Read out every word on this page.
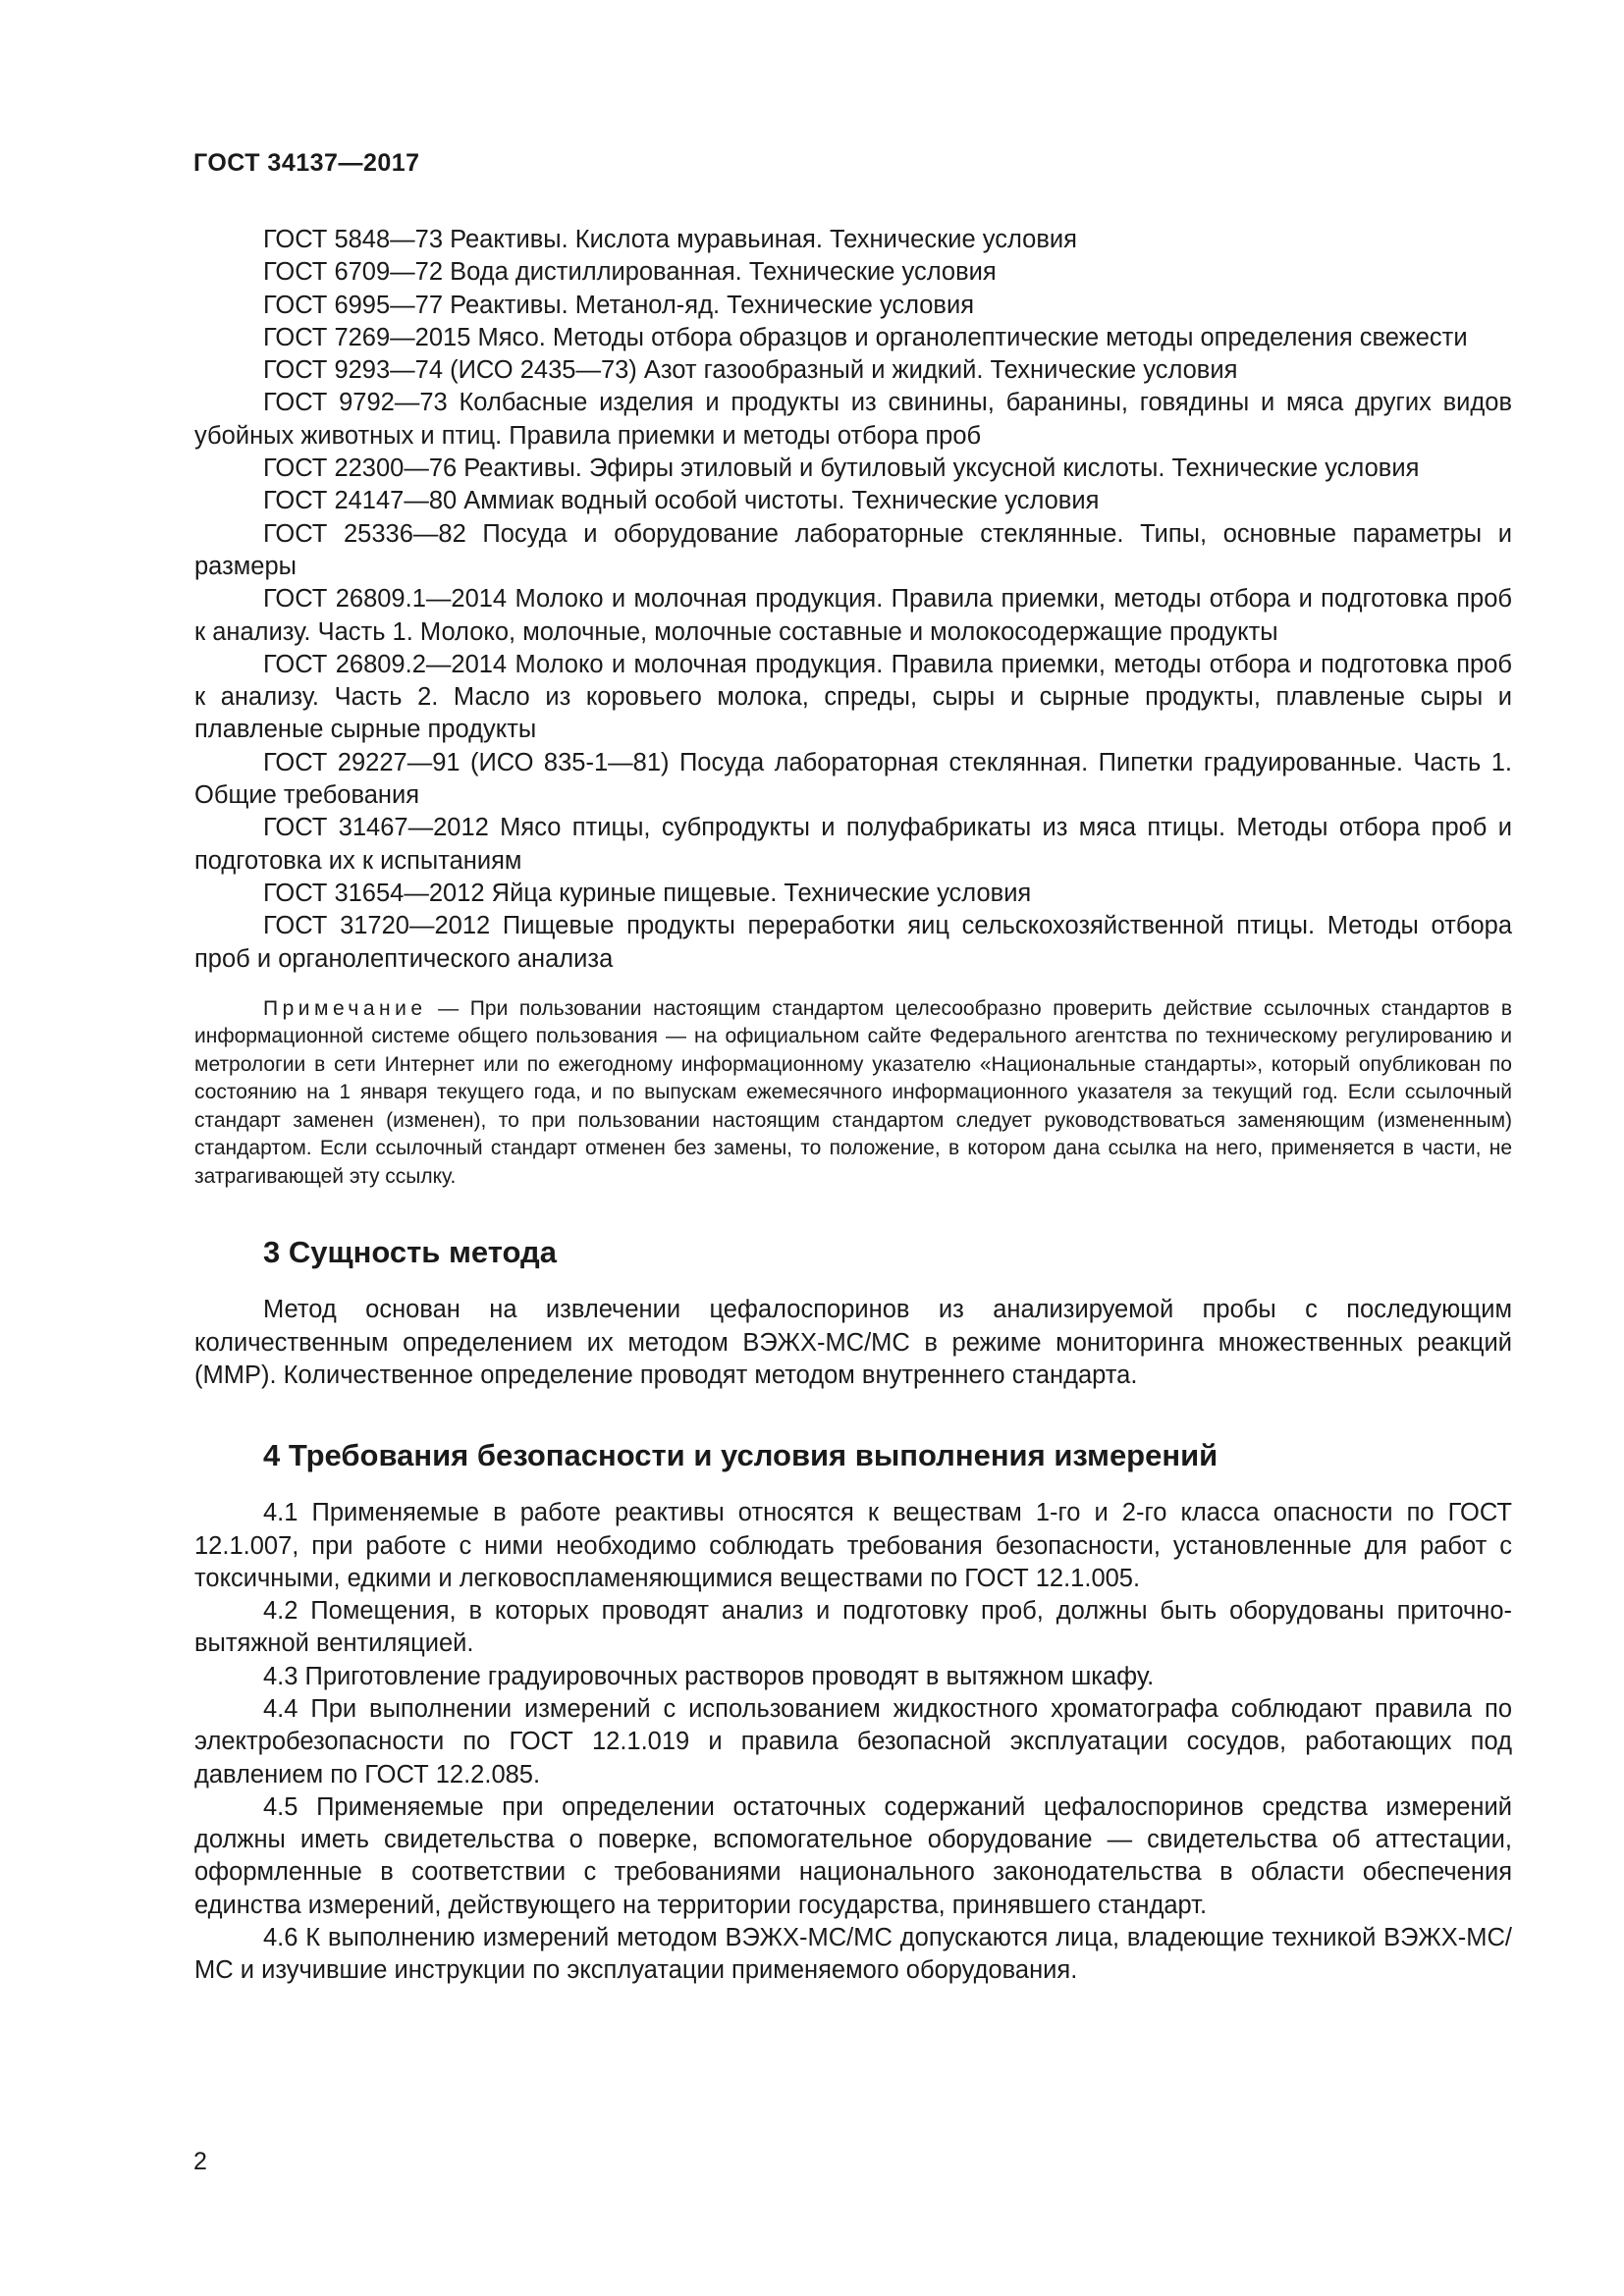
ГОСТ 34137—2017

ГОСТ 5848—73 Реактивы. Кислота муравьиная. Технические условия

ГОСТ 6709—72 Вода дистиллированная. Технические условия

ГОСТ 6995—77 Реактивы. Метанол-яд. Технические условия

ГОСТ 7269—2015 Мясо. Методы отбора образцов и органолептические методы определения свежести

ГОСТ 9293—74 (ИСО 2435—73) Азот газообразный и жидкий. Технические условия

ГОСТ 9792—73 Колбасные изделия и продукты из свинины, баранины, говядины и мяса других видов убойных животных и птиц. Правила приемки и методы отбора проб

ГОСТ 22300—76 Реактивы. Эфиры этиловый и бутиловый уксусной кислоты. Технические условия

ГОСТ 24147—80 Аммиак водный особой чистоты. Технические условия

ГОСТ 25336—82 Посуда и оборудование лабораторные стеклянные. Типы, основные параметры и размеры

ГОСТ 26809.1—2014 Молоко и молочная продукция. Правила приемки, методы отбора и подготовка проб к анализу. Часть 1. Молоко, молочные, молочные составные и молокосодержащие продукты

ГОСТ 26809.2—2014 Молоко и молочная продукция. Правила приемки, методы отбора и подготовка проб к анализу. Часть 2. Масло из коровьего молока, спреды, сыры и сырные продукты, плавленые сыры и плавленые сырные продукты

ГОСТ 29227—91 (ИСО 835-1—81) Посуда лабораторная стеклянная. Пипетки градуированные. Часть 1. Общие требования

ГОСТ 31467—2012 Мясо птицы, субпродукты и полуфабрикаты из мяса птицы. Методы отбора проб и подготовка их к испытаниям

ГОСТ 31654—2012 Яйца куриные пищевые. Технические условия

ГОСТ 31720—2012 Пищевые продукты переработки яиц сельскохозяйственной птицы. Методы отбора проб и органолептического анализа

Примечание — При пользовании настоящим стандартом целесообразно проверить действие ссылочных стандартов в информационной системе общего пользования — на официальном сайте Федерального агентства по техническому регулированию и метрологии в сети Интернет или по ежегодному информационному указателю «Национальные стандарты», который опубликован по состоянию на 1 января текущего года, и по выпускам ежемесячного информационного указателя за текущий год. Если ссылочный стандарт заменен (изменен), то при пользовании настоящим стандартом следует руководствоваться заменяющим (измененным) стандартом. Если ссылочный стандарт отменен без замены, то положение, в котором дана ссылка на него, применяется в части, не затрагивающей эту ссылку.

3 Сущность метода

Метод основан на извлечении цефалоспоринов из анализируемой пробы с последующим количественным определением их методом ВЭЖХ-МС/МС в режиме мониторинга множественных реакций (ММР). Количественное определение проводят методом внутреннего стандарта.

4 Требования безопасности и условия выполнения измерений

4.1 Применяемые в работе реактивы относятся к веществам 1-го и 2-го класса опасности по ГОСТ 12.1.007, при работе с ними необходимо соблюдать требования безопасности, установленные для работ с токсичными, едкими и легковоспламеняющимися веществами по ГОСТ 12.1.005.

4.2 Помещения, в которых проводят анализ и подготовку проб, должны быть оборудованы приточно-вытяжной вентиляцией.

4.3 Приготовление градуировочных растворов проводят в вытяжном шкафу.

4.4 При выполнении измерений с использованием жидкостного хроматографа соблюдают правила по электробезопасности по ГОСТ 12.1.019 и правила безопасной эксплуатации сосудов, работающих под давлением по ГОСТ 12.2.085.

4.5 Применяемые при определении остаточных содержаний цефалоспоринов средства измерений должны иметь свидетельства о поверке, вспомогательное оборудование — свидетельства об аттестации, оформленные в соответствии с требованиями национального законодательства в области обеспечения единства измерений, действующего на территории государства, принявшего стандарт.

4.6 К выполнению измерений методом ВЭЖХ-МС/МС допускаются лица, владеющие техникой ВЭЖХ-МС/МС и изучившие инструкции по эксплуатации применяемого оборудования.

2
